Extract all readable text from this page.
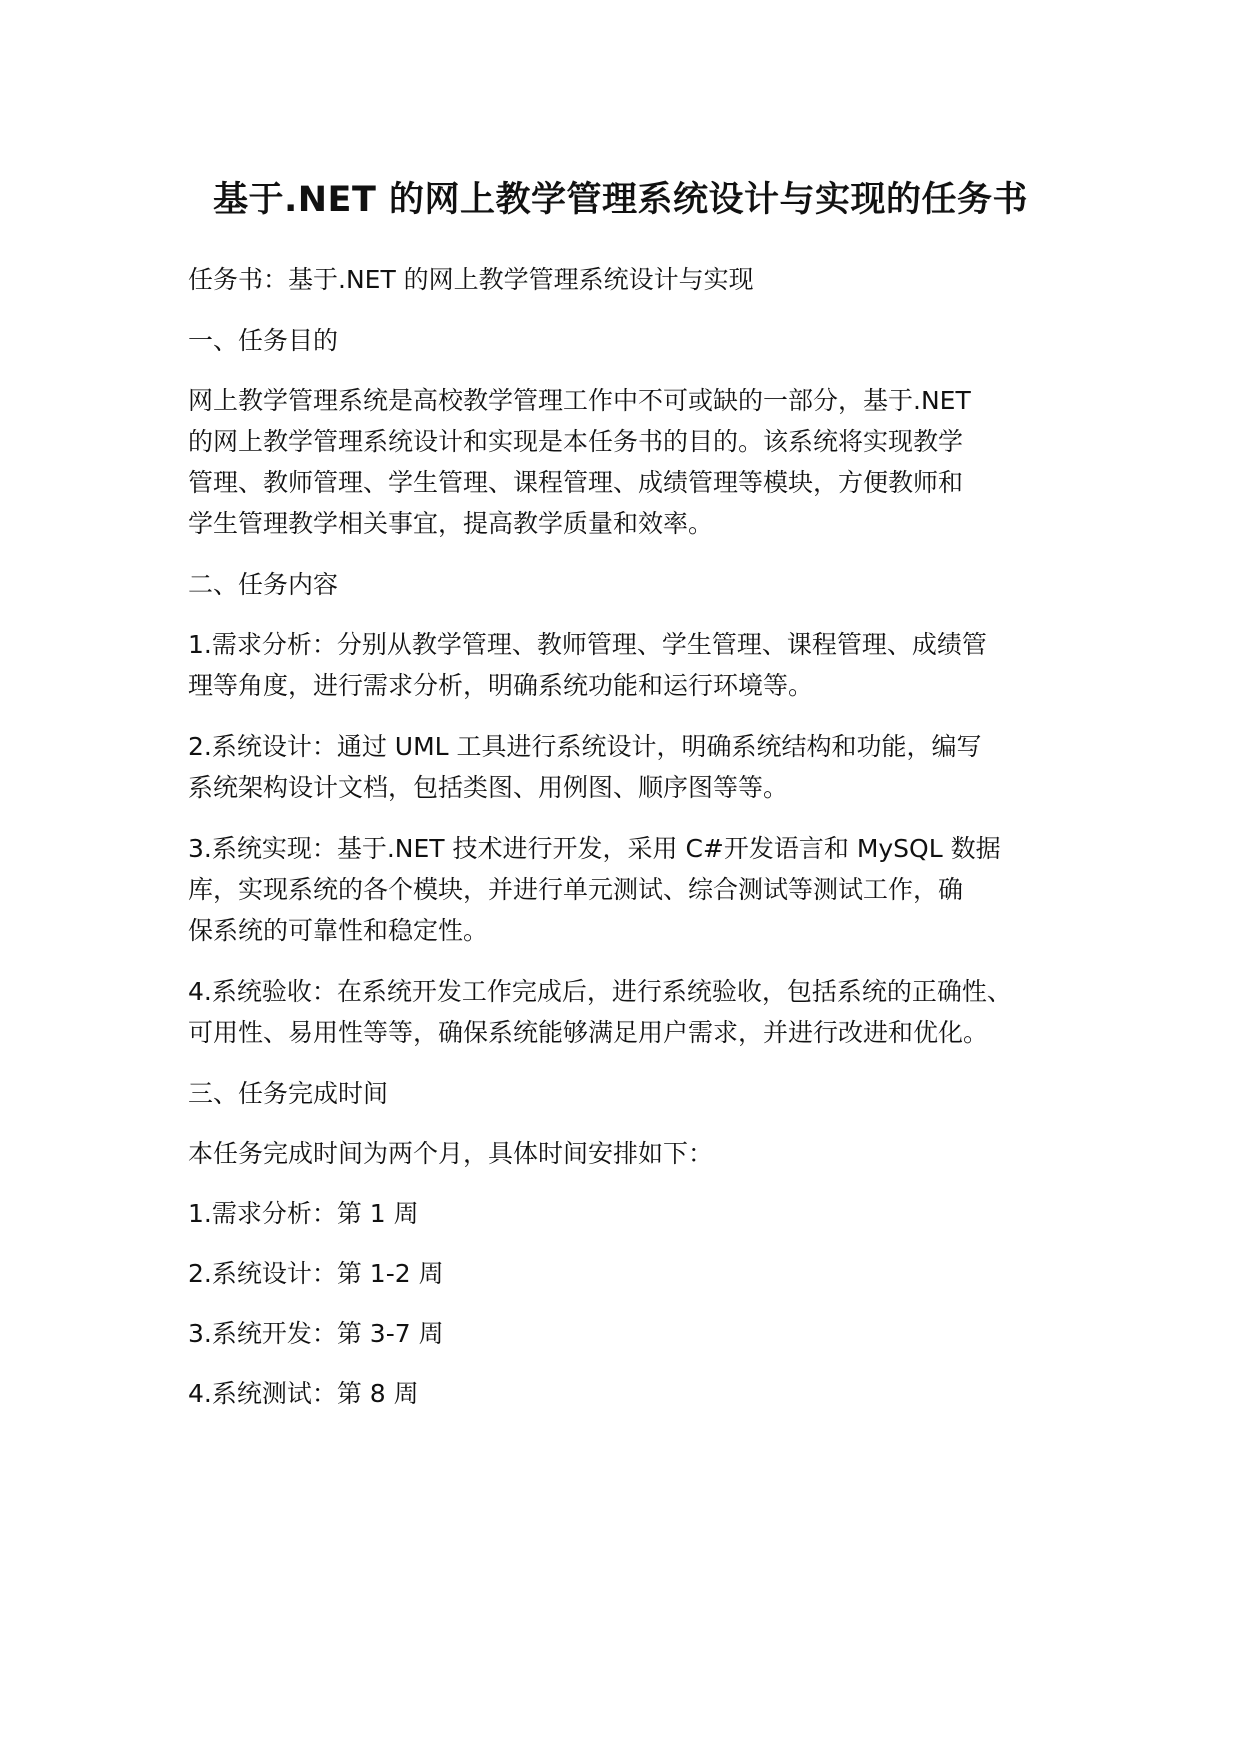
基于.NET 的网上教学管理系统设计与实现的任务书

任务书：基于.NET 的网上教学管理系统设计与实现

一、任务目的

网上教学管理系统是高校教学管理工作中不可或缺的一部分，基于.NET

的网上教学管理系统设计和实现是本任务书的目的。该系统将实现教学

管理、教师管理、学生管理、课程管理、成绩管理等模块，方便教师和

学生管理教学相关事宜，提高教学质量和效率。

二、任务内容

1.需求分析：分别从教学管理、教师管理、学生管理、课程管理、成绩管

理等角度，进行需求分析，明确系统功能和运行环境等。

2.系统设计：通过 UML 工具进行系统设计，明确系统结构和功能，编写

系统架构设计文档，包括类图、用例图、顺序图等等。

3.系统实现：基于.NET 技术进行开发，采用 C#开发语言和 MySQL 数据

库，实现系统的各个模块，并进行单元测试、综合测试等测试工作，确

保系统的可靠性和稳定性。

4.系统验收：在系统开发工作完成后，进行系统验收，包括系统的正确性、

可用性、易用性等等，确保系统能够满足用户需求，并进行改进和优化。

三、任务完成时间

本任务完成时间为两个月，具体时间安排如下：

1.需求分析：第 1 周

2.系统设计：第 1-2 周

3.系统开发：第 3-7 周

4.系统测试：第 8 周
